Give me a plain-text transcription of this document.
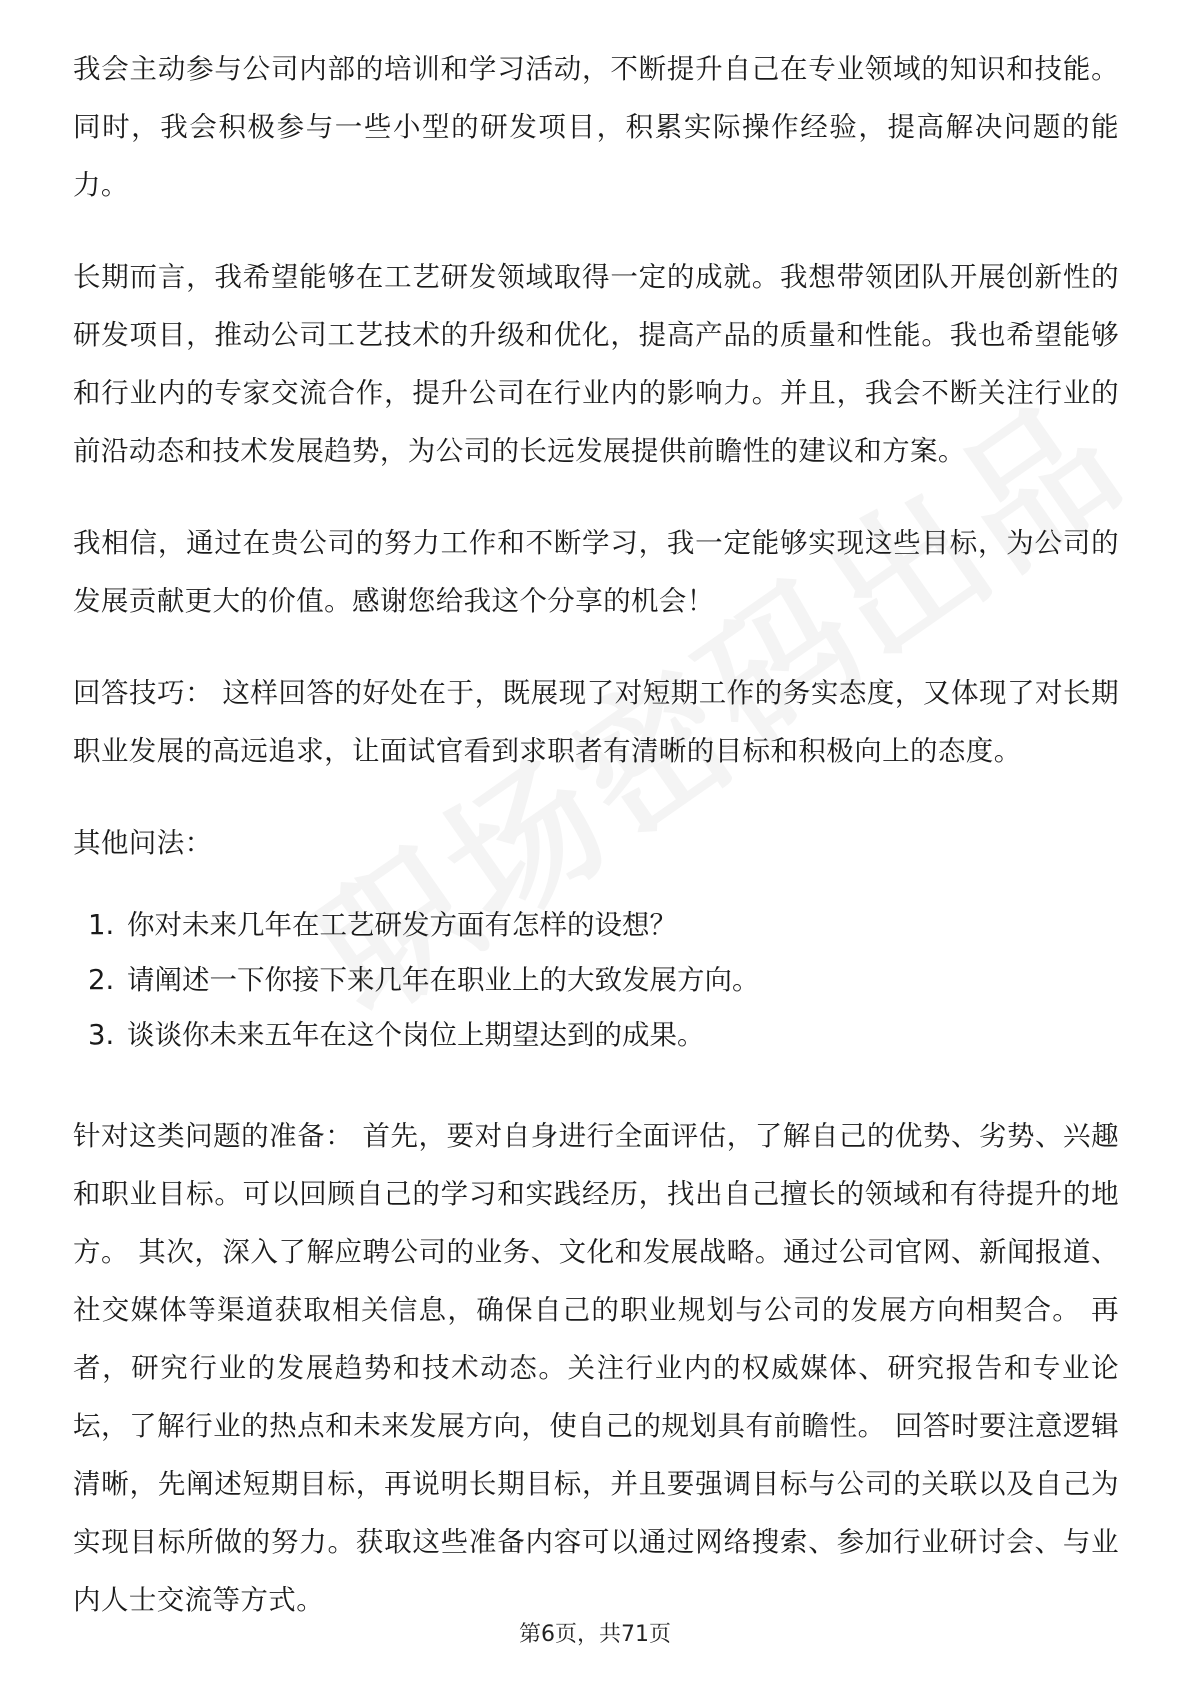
我会主动参与公司内部的培训和学习活动，不断提升自己在专业领域的知识和技能。同时，我会积极参与一些小型的研发项目，积累实际操作经验，提高解决问题的能力。

长期而言，我希望能够在工艺研发领域取得一定的成就。我想带领团队开展创新性的研发项目，推动公司工艺技术的升级和优化，提高产品的质量和性能。我也希望能够和行业内的专家交流合作，提升公司在行业内的影响力。并且，我会不断关注行业的前沿动态和技术发展趋势，为公司的长远发展提供前瞻性的建议和方案。

我相信，通过在贵公司的努力工作和不断学习，我一定能够实现这些目标，为公司的发展贡献更大的价值。感谢您给我这个分享的机会！

回答技巧： 这样回答的好处在于，既展现了对短期工作的务实态度，又体现了对长期职业发展的高远追求，让面试官看到求职者有清晰的目标和积极向上的态度。

其他问法：

1. 你对未来几年在工艺研发方面有怎样的设想？
2. 请阐述一下你接下来几年在职业上的大致发展方向。
3. 谈谈你未来五年在这个岗位上期望达到的成果。

针对这类问题的准备： 首先，要对自身进行全面评估，了解自己的优势、劣势、兴趣和职业目标。可以回顾自己的学习和实践经历，找出自己擅长的领域和有待提升的地方。 其次，深入了解应聘公司的业务、文化和发展战略。通过公司官网、新闻报道、社交媒体等渠道获取相关信息，确保自己的职业规划与公司的发展方向相契合。 再者，研究行业的发展趋势和技术动态。关注行业内的权威媒体、研究报告和专业论坛，了解行业的热点和未来发展方向，使自己的规划具有前瞻性。 回答时要注意逻辑清晰，先阐述短期目标，再说明长期目标，并且要强调目标与公司的关联以及自己为实现目标所做的努力。获取这些准备内容可以通过网络搜索、参加行业研讨会、与业内人士交流等方式。

第6页，共71页
